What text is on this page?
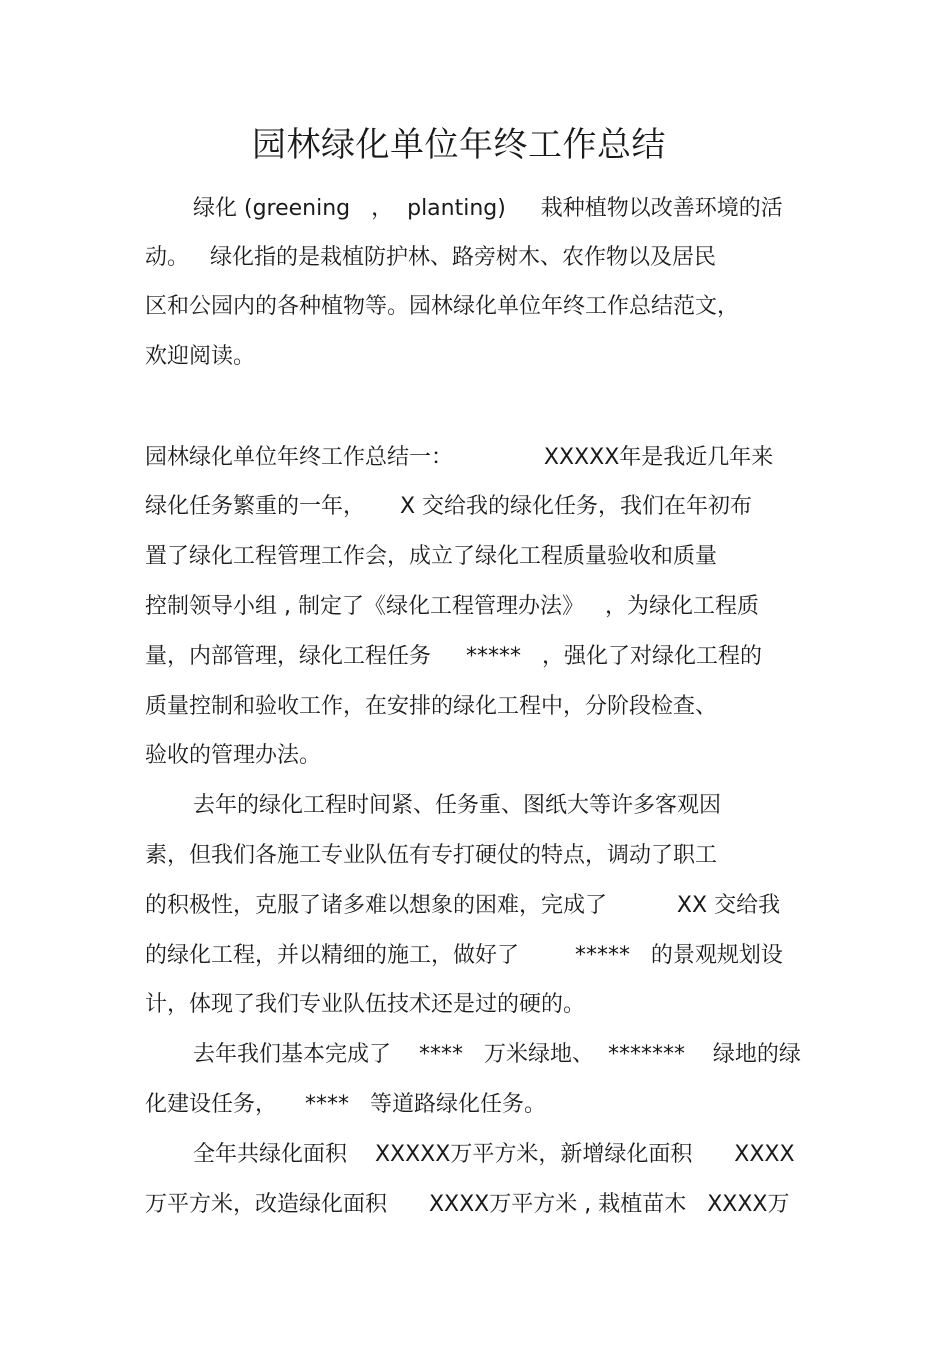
园林绿化单位年终工作总结
绿化 (greening   ，  planting)     栽种植物以改善环境的活
动。   绿化指的是栽植防护林、路旁树木、农作物以及居民
区和公园内的各种植物等。园林绿化单位年终工作总结范文，
欢迎阅读。
园林绿化单位年终工作总结一：             XXXXX年是我近几年来
绿化任务繁重的一年，     X 交给我的绿化任务，我们在年初布
置了绿化工程管理工作会，成立了绿化工程质量验收和质量
控制领导小组 , 制定了《绿化工程管理办法》   ，为绿化工程质
量，内部管理，绿化工程任务     *****   ，强化了对绿化工程的
质量控制和验收工作，在安排的绿化工程中，分阶段检查、
验收的管理办法。
去年的绿化工程时间紧、任务重、图纸大等许多客观因
素，但我们各施工专业队伍有专打硬仗的特点，调动了职工
的积极性，克服了诸多难以想象的困难，完成了          XX 交给我
的绿化工程，并以精细的施工，做好了        *****   的景观规划设
计，体现了我们专业队伍技术还是过的硬的。
去年我们基本完成了    ****   万米绿地、  *******    绿地的绿
化建设任务，    ****   等道路绿化任务。
全年共绿化面积    XXXXX万平方米，新增绿化面积      XXXX
万平方米，改造绿化面积      XXXX万平方米 , 栽植苗木   XXXX万
